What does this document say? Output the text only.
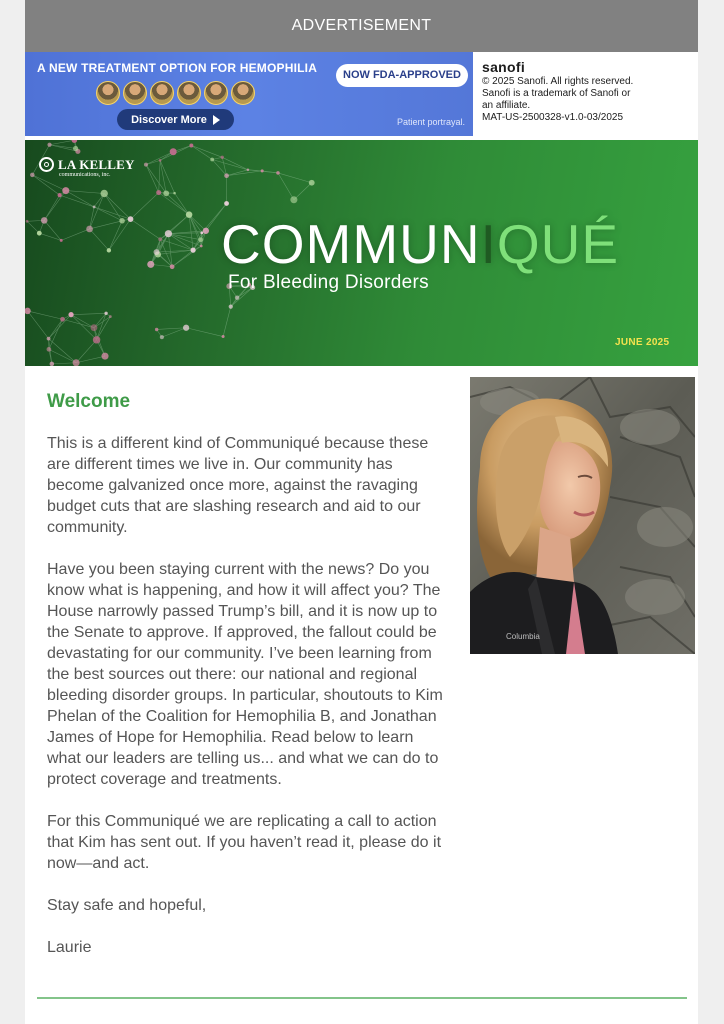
ADVERTISEMENT
A NEW TREATMENT OPTION FOR HEMOPHILIA
Discover More
NOW FDA-APPROVED
Patient portrayal.
sanofi
© 2025 Sanofi. All rights reserved.
Sanofi is a trademark of Sanofi or
an affiliate.
MAT-US-2500328-v1.0-03/2025
LA KELLEY
communications, inc.
COMMUNIQUÉ
For Bleeding Disorders
JUNE 2025
Welcome
Columbia

This is a different kind of Communiqué because these are different times we live in. Our community has become galvanized once more, against the ravaging budget cuts that are slashing research and aid to our community.

Have you been staying current with the news? Do you know what is happening, and how it will affect you? The House narrowly passed Trump’s bill, and it is now up to the Senate to approve. If approved, the fallout could be devastating for our community. I’ve been learning from the best sources out there: our national and regional bleeding disorder groups. In particular, shoutouts to Kim Phelan of the Coalition for Hemophilia B, and Jonathan James of Hope for Hemophilia. Read below to learn what our leaders are telling us... and what we can do to protect coverage and treatments.

For this Communiqué we are replicating a call to action that Kim has sent out. If you haven’t read it, please do it now—and act.

Stay safe and hopeful,

Laurie
